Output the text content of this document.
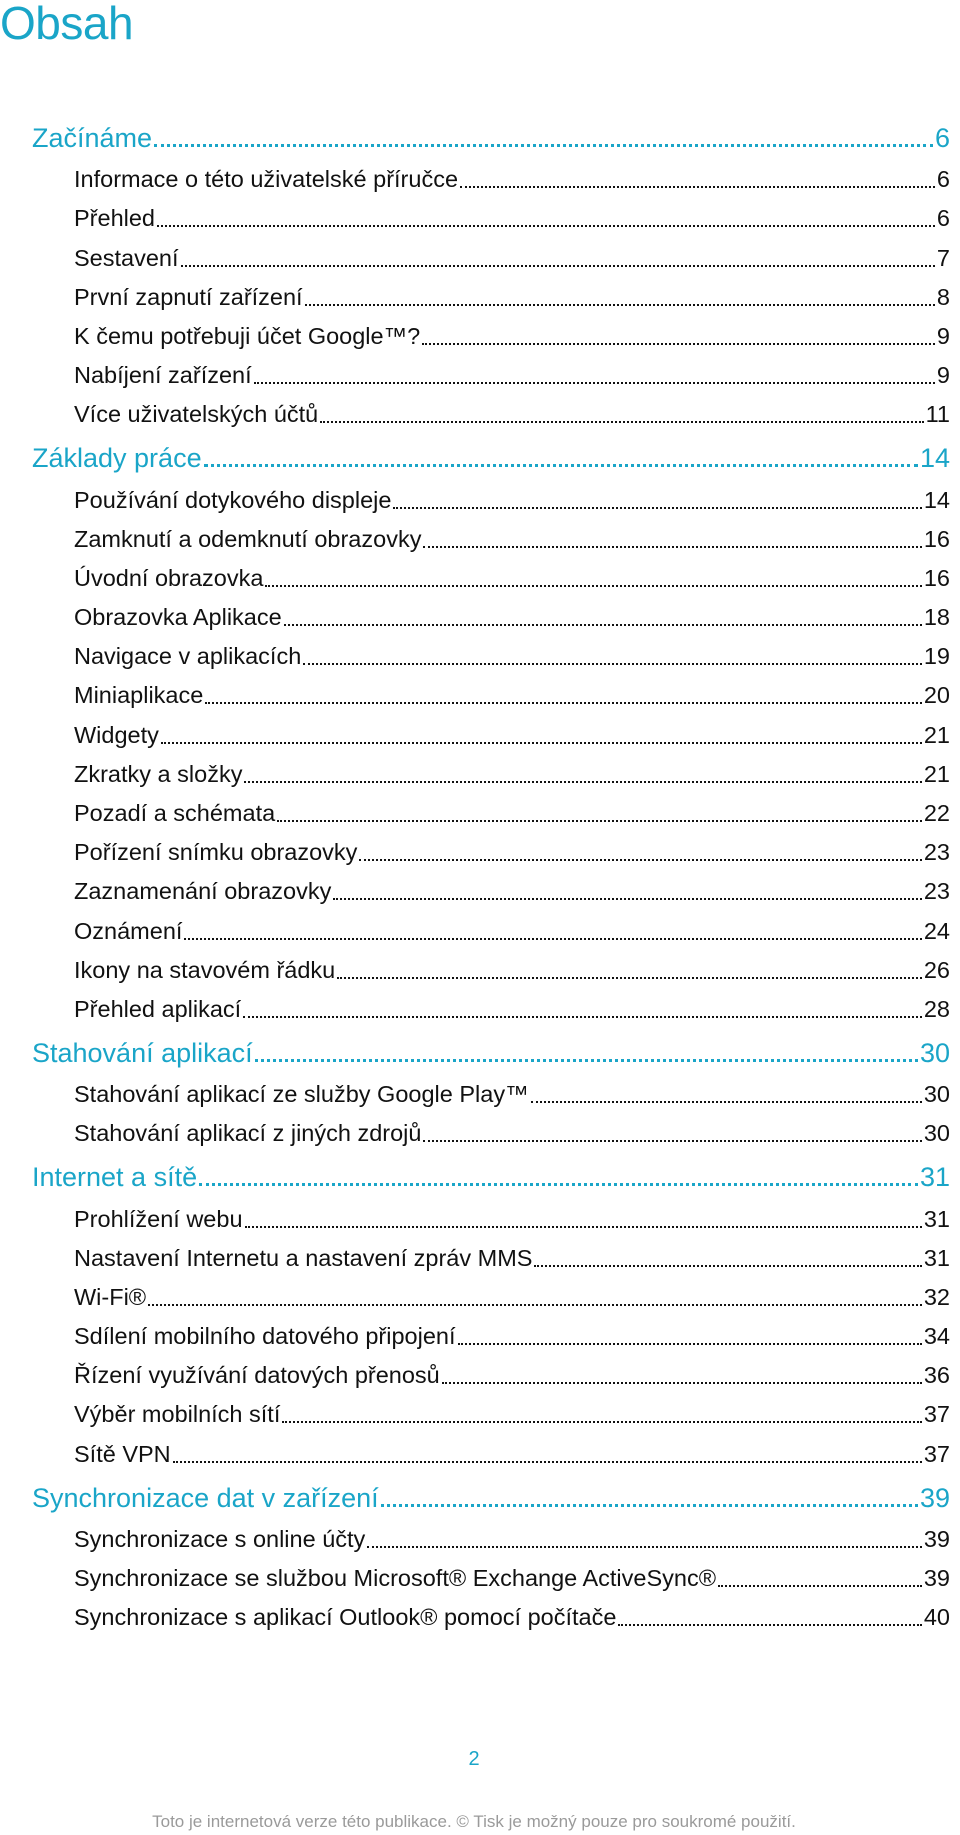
Obsah
Začínáme	6
Informace o této uživatelské příručce	6
Přehled	6
Sestavení	7
První zapnutí zařízení	8
K čemu potřebuji účet Google™?	9
Nabíjení zařízení	9
Více uživatelských účtů	11
Základy práce	14
Používání dotykového displeje	14
Zamknutí a odemknutí obrazovky	16
Úvodní obrazovka	16
Obrazovka Aplikace	18
Navigace v aplikacích	19
Miniaplikace	20
Widgety	21
Zkratky a složky	21
Pozadí a schémata	22
Pořízení snímku obrazovky	23
Zaznamenání obrazovky	23
Oznámení	24
Ikony na stavovém řádku	26
Přehled aplikací	28
Stahování aplikací	30
Stahování aplikací ze služby Google Play™	30
Stahování aplikací z jiných zdrojů	30
Internet a sítě	31
Prohlížení webu	31
Nastavení Internetu a nastavení zpráv MMS	31
Wi-Fi®	32
Sdílení mobilního datového připojení	34
Řízení využívání datových přenosů	36
Výběr mobilních sítí	37
Sítě VPN	37
Synchronizace dat v zařízení	39
Synchronizace s online účty	39
Synchronizace se službou Microsoft® Exchange ActiveSync®	39
Synchronizace s aplikací Outlook® pomocí počítače	40
2
Toto je internetová verze této publikace. © Tisk je možný pouze pro soukromé použití.
